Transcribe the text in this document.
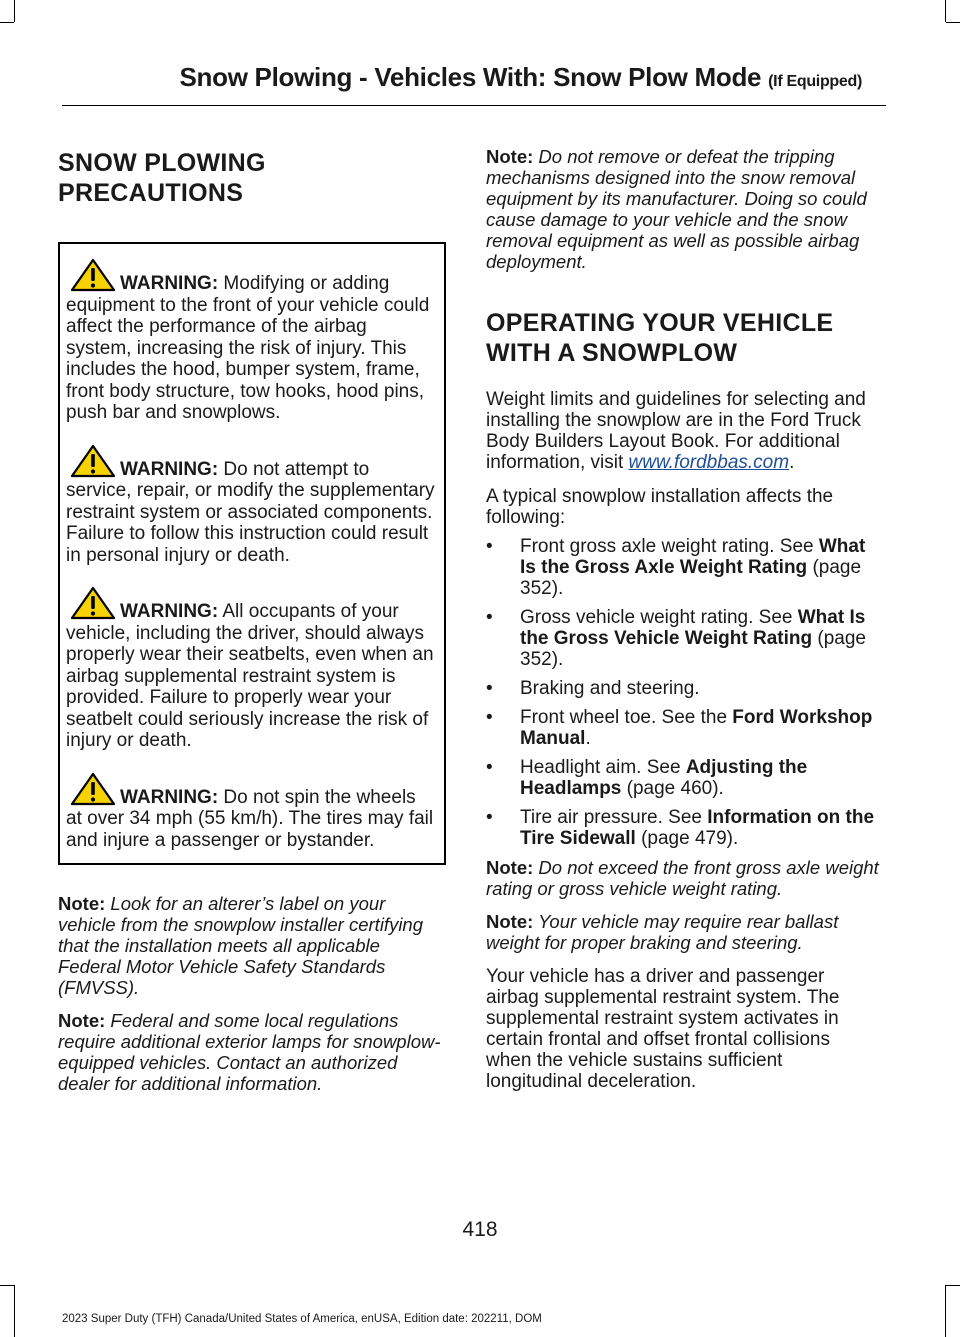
Snow Plowing - Vehicles With: Snow Plow Mode (If Equipped)
SNOW PLOWING
PRECAUTIONS

WARNING: Modifying or adding equipment to the front of your vehicle could affect the performance of the airbag system, increasing the risk of injury. This includes the hood, bumper system, frame, front body structure, tow hooks, hood pins, push bar and snowplows.

WARNING: Do not attempt to service, repair, or modify the supplementary restraint system or associated components. Failure to follow this instruction could result in personal injury or death.

WARNING: All occupants of your vehicle, including the driver, should always properly wear their seatbelts, even when an airbag supplemental restraint system is provided. Failure to properly wear your seatbelt could seriously increase the risk of injury or death.

WARNING: Do not spin the wheels at over 34 mph (55 km/h). The tires may fail and injure a passenger or bystander.

Note: Look for an alterer’s label on your vehicle from the snowplow installer certifying that the installation meets all applicable Federal Motor Vehicle Safety Standards (FMVSS).

Note: Federal and some local regulations require additional exterior lamps for snowplow-equipped vehicles. Contact an authorized dealer for additional information.

Note: Do not remove or defeat the tripping mechanisms designed into the snow removal equipment by its manufacturer. Doing so could cause damage to your vehicle and the snow removal equipment as well as possible airbag deployment.

OPERATING YOUR VEHICLE
WITH A SNOWPLOW

Weight limits and guidelines for selecting and installing the snowplow are in the Ford Truck Body Builders Layout Book. For additional information, visit www.fordbbas.com.

A typical snowplow installation affects the following:

• Front gross axle weight rating. See What Is the Gross Axle Weight Rating (page 352).
• Gross vehicle weight rating. See What Is the Gross Vehicle Weight Rating (page 352).
• Braking and steering.
• Front wheel toe. See the Ford Workshop Manual.
• Headlight aim. See Adjusting the Headlamps (page 460).
• Tire air pressure. See Information on the Tire Sidewall (page 479).

Note: Do not exceed the front gross axle weight rating or gross vehicle weight rating.

Note: Your vehicle may require rear ballast weight for proper braking and steering.

Your vehicle has a driver and passenger airbag supplemental restraint system. The supplemental restraint system activates in certain frontal and offset frontal collisions when the vehicle sustains sufficient longitudinal deceleration.

418
2023 Super Duty (TFH) Canada/United States of America, enUSA, Edition date: 202211, DOM
